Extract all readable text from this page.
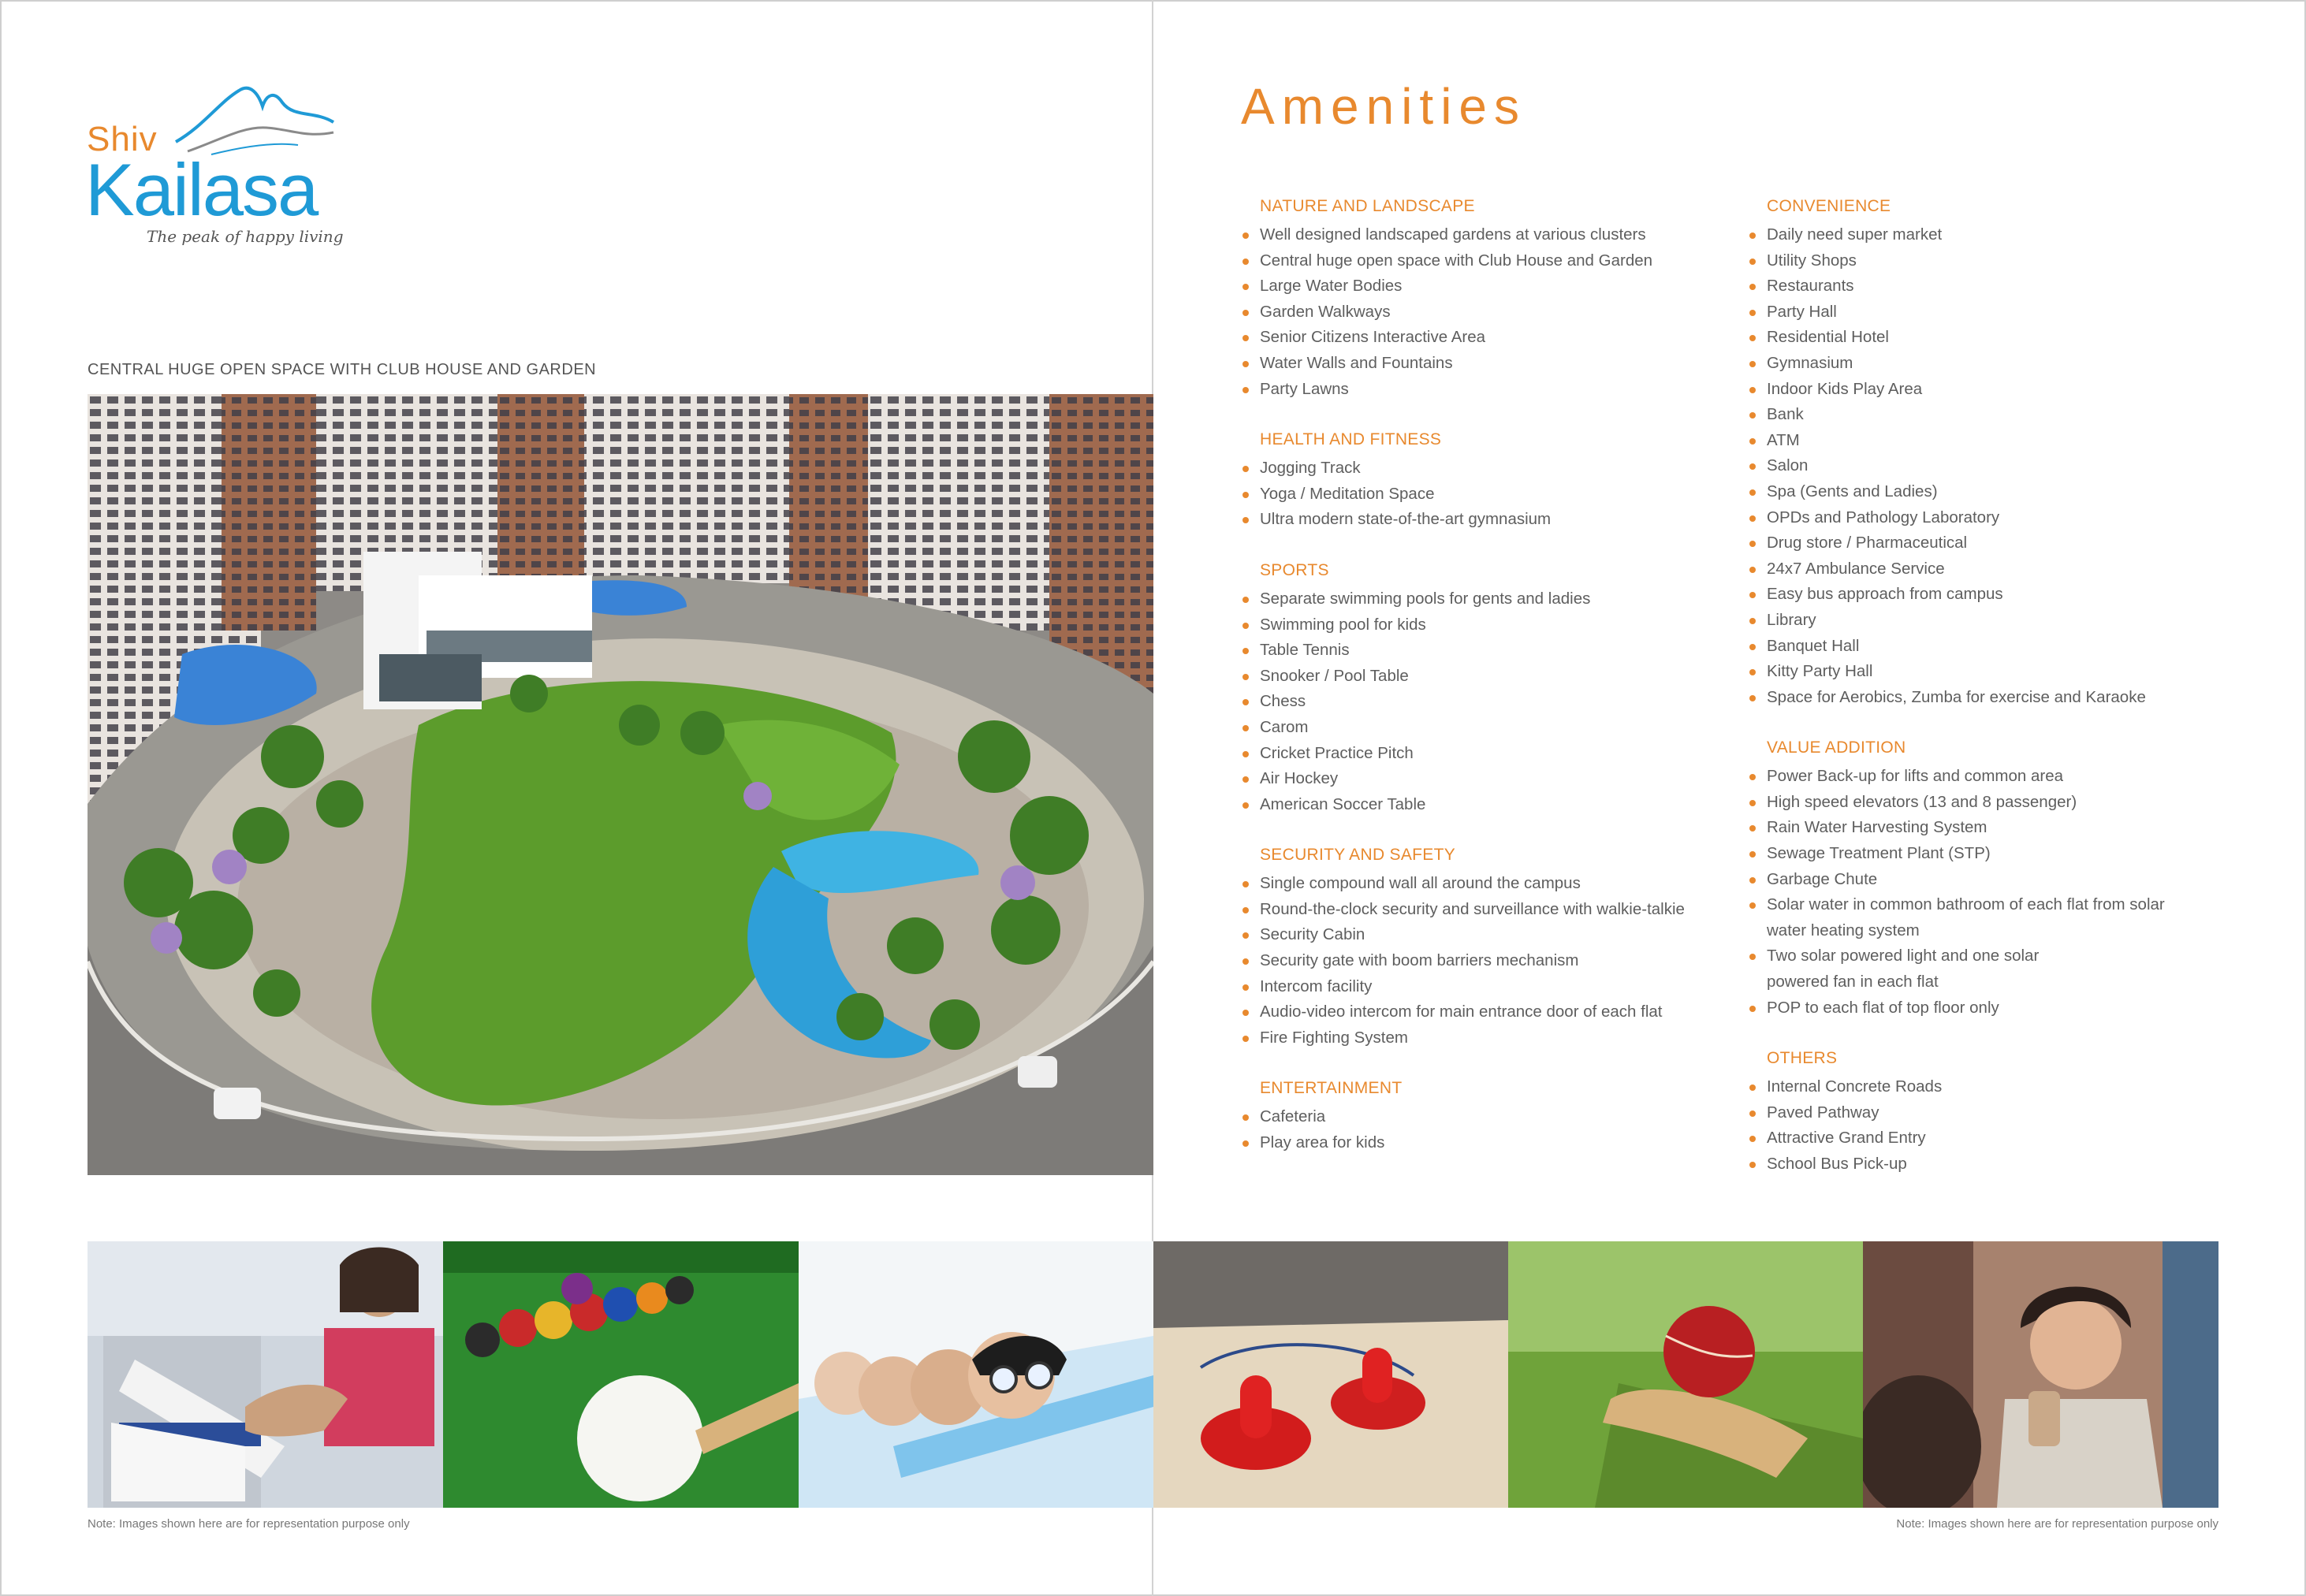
Shiv
Kailasa
The peak of happy living
CENTRAL HUGE OPEN SPACE WITH CLUB HOUSE AND GARDEN
Note: Images shown here are for representation purpose only
Amenities
NATURE AND LANDSCAPE
Well designed landscaped gardens at various clusters
Central huge open space with Club House and Garden
Large Water Bodies
Garden Walkways
Senior Citizens Interactive Area
Water Walls and Fountains
Party Lawns
HEALTH AND FITNESS
Jogging Track
Yoga / Meditation Space
Ultra modern state-of-the-art gymnasium
SPORTS
Separate swimming pools for gents and ladies
Swimming pool for kids
Table Tennis
Snooker / Pool Table
Chess
Carom
Cricket Practice Pitch
Air Hockey
American Soccer Table
SECURITY AND SAFETY
Single compound wall all around the campus
Round-the-clock security and surveillance with walkie-talkie
Security Cabin
Security gate with boom barriers mechanism
Intercom facility
Audio-video intercom for main entrance door of each flat
Fire Fighting System
ENTERTAINMENT
Cafeteria
Play area for kids
CONVENIENCE
Daily need super market
Utility Shops
Restaurants
Party Hall
Residential Hotel
Gymnasium
Indoor Kids Play Area
Bank
ATM
Salon
Spa (Gents and Ladies)
OPDs and Pathology Laboratory
Drug store / Pharmaceutical
24x7 Ambulance Service
Easy bus approach from campus
Library
Banquet Hall
Kitty Party Hall
Space for Aerobics, Zumba for exercise and Karaoke
VALUE ADDITION
Power Back-up for lifts and common area
High speed elevators (13 and 8 passenger)
Rain Water Harvesting System
Sewage Treatment Plant (STP)
Garbage Chute
Solar water in common bathroom of each flat from solar water heating system
Two solar powered light and one solar powered fan in each flat
POP to each flat of top floor only
OTHERS
Internal Concrete Roads
Paved Pathway
Attractive Grand Entry
School Bus Pick-up
Note: Images shown here are for representation purpose only
